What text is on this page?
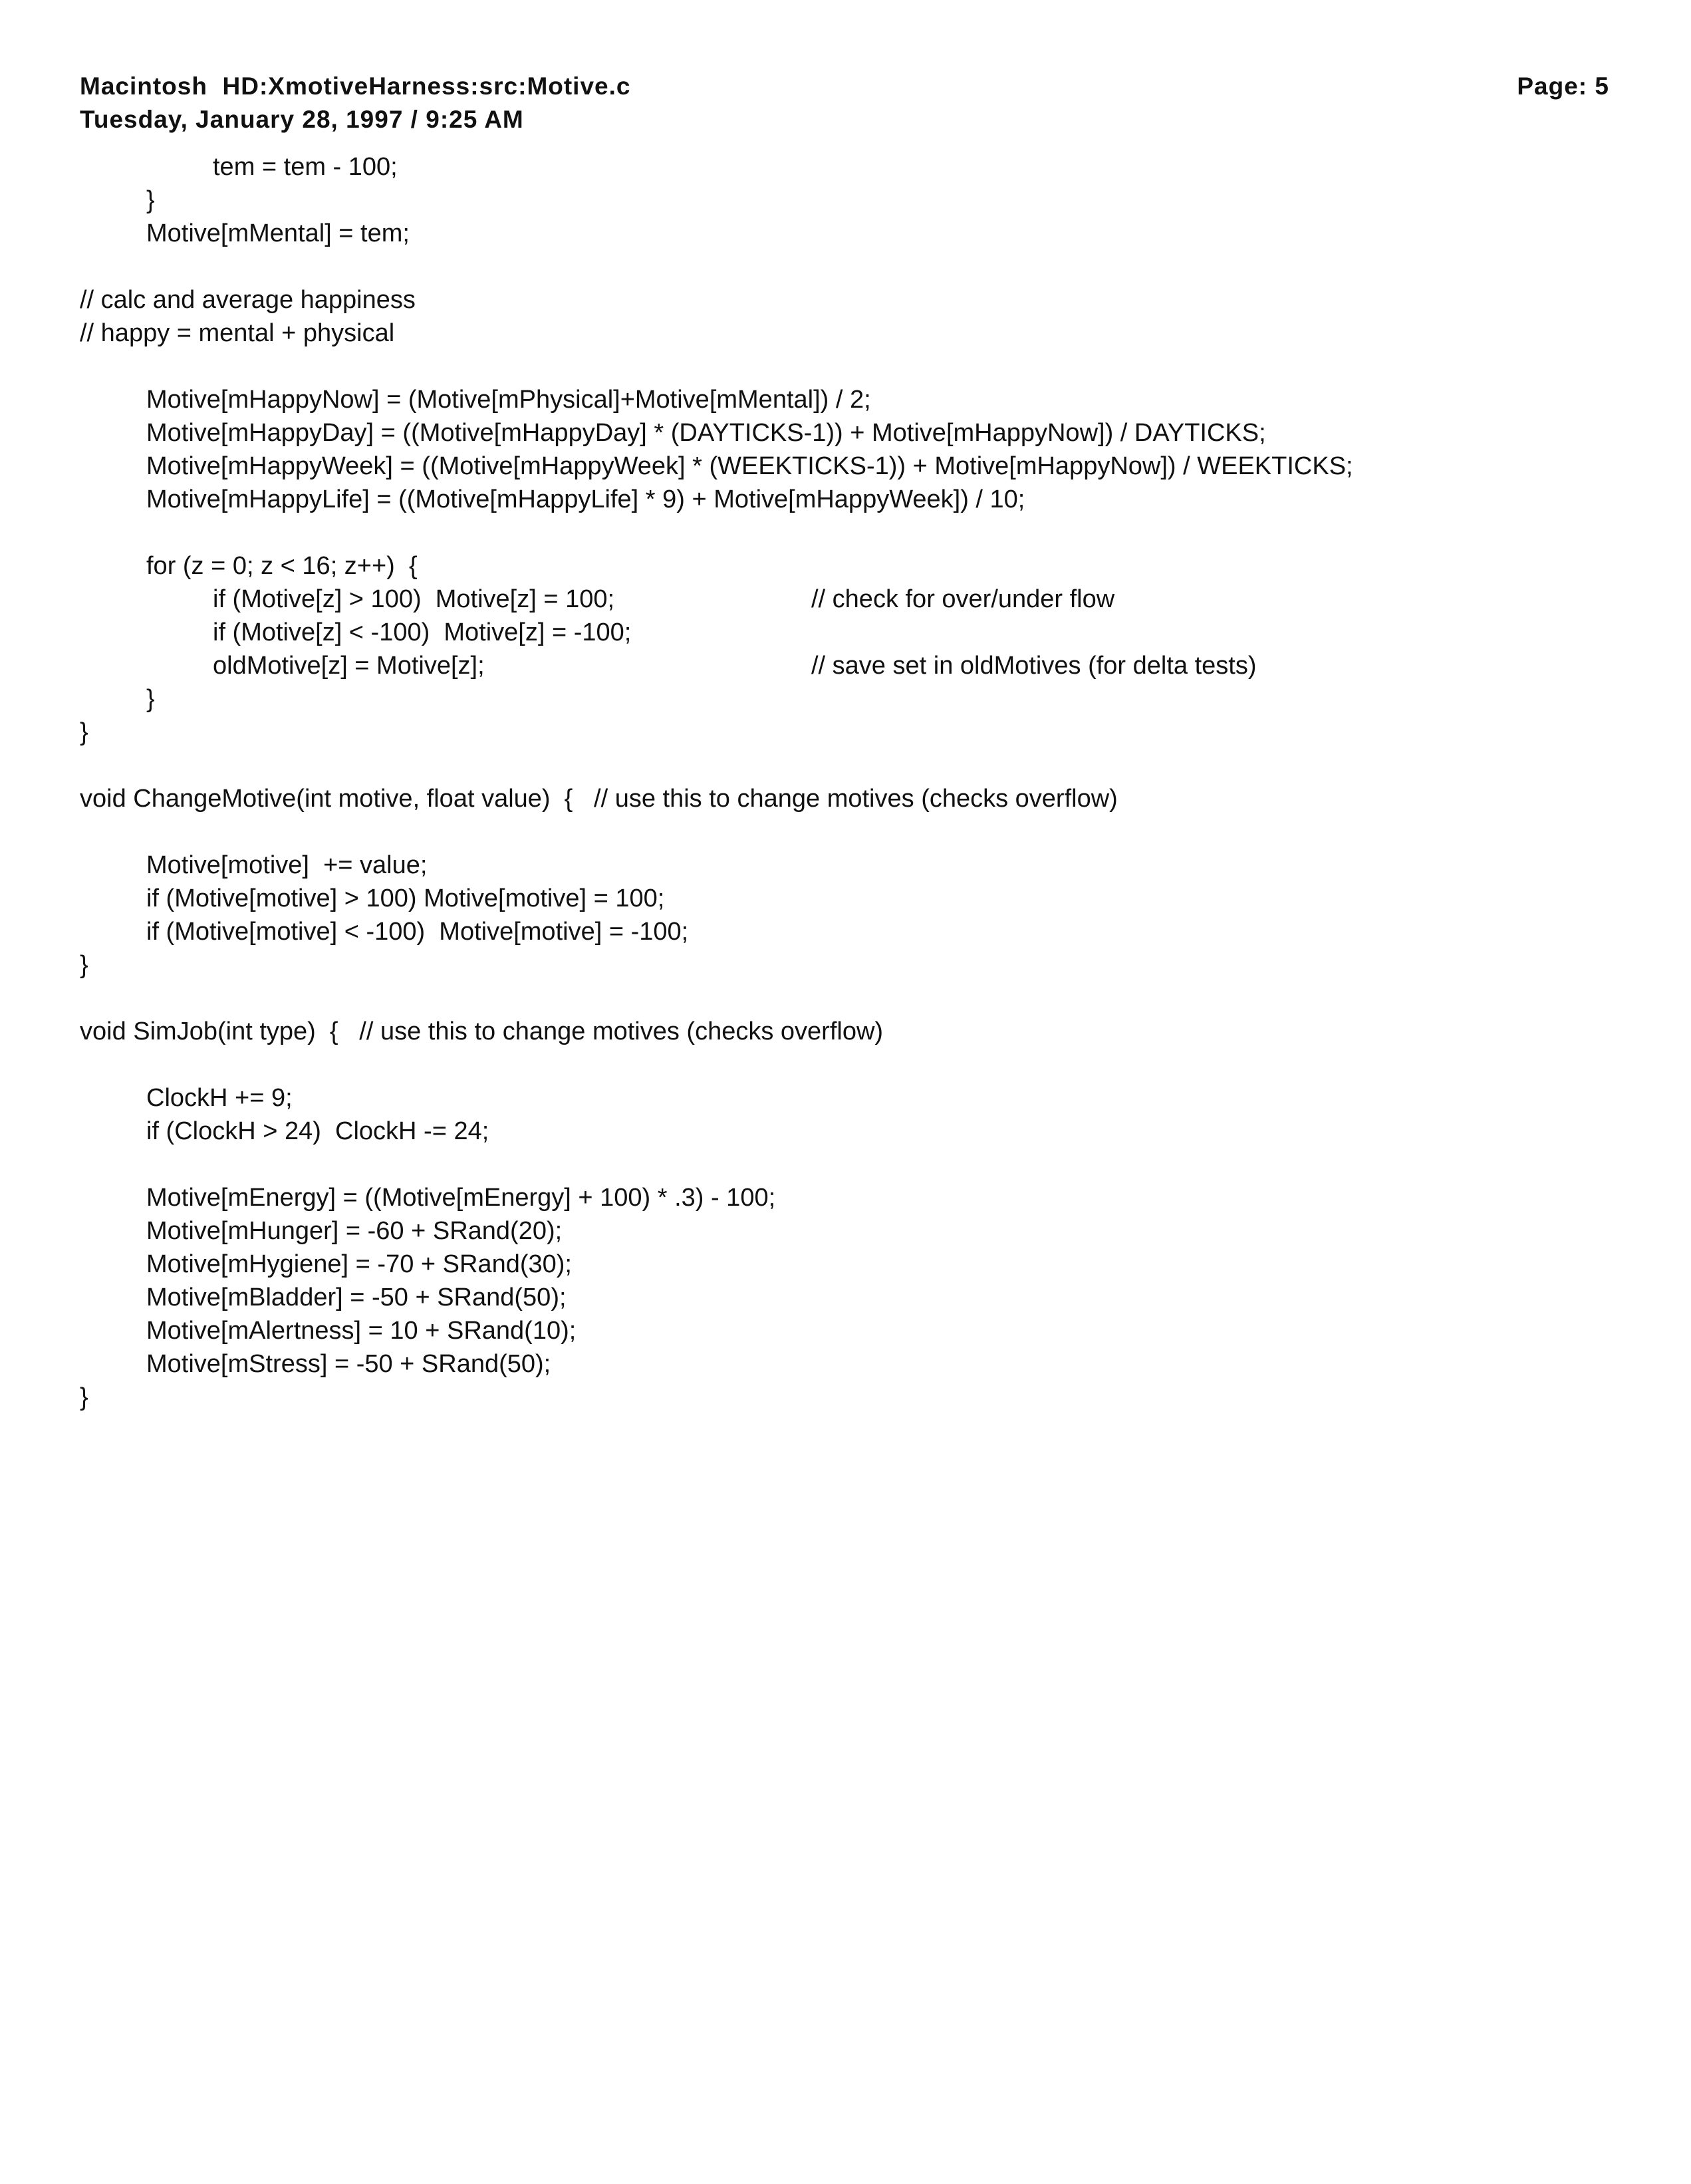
Macintosh  HD:XmotiveHarness:src:Motive.c
Tuesday, January 28, 1997 / 9:25 AM
Page: 5
tem = tem - 100;
}
Motive[mMental] = tem;
// calc and average happiness
// happy = mental + physical
Motive[mHappyNow] = (Motive[mPhysical]+Motive[mMental]) / 2;
Motive[mHappyDay] = ((Motive[mHappyDay] * (DAYTICKS-1)) + Motive[mHappyNow]) / DAYTICKS;
Motive[mHappyWeek] = ((Motive[mHappyWeek] * (WEEKTICKS-1)) + Motive[mHappyNow]) / WEEKTICKS;
Motive[mHappyLife] = ((Motive[mHappyLife] * 9) + Motive[mHappyWeek]) / 10;
for (z = 0; z < 16; z++)  {
if (Motive[z] > 100)  Motive[z] = 100;	// check for over/under flow
if (Motive[z] < -100)  Motive[z] = -100;
oldMotive[z] = Motive[z];	// save set in oldMotives (for delta tests)
}
}
void ChangeMotive(int motive, float value)  {   // use this to change motives (checks overflow)
Motive[motive]  += value;
if (Motive[motive] > 100) Motive[motive] = 100;
if (Motive[motive] < -100)  Motive[motive] = -100;
}
void SimJob(int type)  {   // use this to change motives (checks overflow)
ClockH += 9;
if (ClockH > 24)  ClockH -= 24;
Motive[mEnergy] = ((Motive[mEnergy] + 100) * .3) - 100;
Motive[mHunger] = -60 + SRand(20);
Motive[mHygiene] = -70 + SRand(30);
Motive[mBladder] = -50 + SRand(50);
Motive[mAlertness] = 10 + SRand(10);
Motive[mStress] = -50 + SRand(50);
}
